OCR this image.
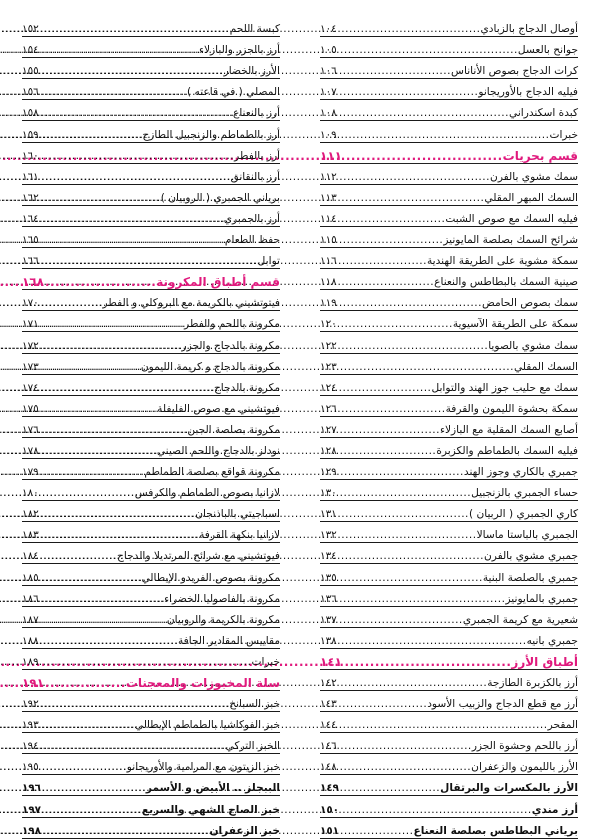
أوصال الدجاج بالزبادي
.....
١٠٤
جوانح بالعسل
.....
١٠٥
كرات الدجاج بصوص الأناناس
.....
١٠٦
فيليه الدجاج بالأوريجانو
.....
١٠٧
كبدة اسكندراني
.....
١٠٨
خبرات
.....
١٠٩
قسم بحريات
.....
١١١
سمك مشوي بالفرن
.....
١١٢
السمك المبهر المقلي
.....
١١٣
فيليه السمك مع صوص الشبت
.....
١١٤
شرائح السمك بصلصة المايونيز
.....
١١٥
سمكة مشوية على الطريقة الهندية
.....
١١٦
صينية السمك بالبطاطس والنعناع
.....
١١٨
سمك بصوص الحامض
.....
١١٩
سمكة على الطريقة الآسيوية
.....
١٢٠
سمك مشوي بالصويا
.....
١٢٢
السمك المقلي
.....
١٢٣
سمك مع حليب جوز الهند والتوابل
.....
١٢٤
سمكة بحشوة الليمون والقرفة
.....
١٢٦
أصابع السمك المقلية مع البازلاء
.....
١٢٧
فيليه السمك بالطماطم والكزبرة
.....
١٢٨
جمبري بالكاري وجوز الهند
.....
١٢٩
حساء الجمبري بالزنجبيل
.....
١٣٠
كاري الجمبري ( الربيان )
.....
١٣١
الجمبري بالباستا ماسالا
.....
١٣٢
جمبري مشوي بالفرن
.....
١٣٤
جمبري بالصلصة البنية
.....
١٣٥
جمبري بالمايونيز
.....
١٣٦
شعيرية مع كريمة الجمبري
.....
١٣٧
جمبري بانيه
.....
١٣٨
أطباق الأرز
.....
١٤١
أرز بالكزبرة الطازجة
.....
١٤٢
أرز مع قطع الدجاج والزبيب الأسود
.....
١٤٣
المقحر
.....
١٤٤
أرز باللحم وحشوة الجزر
.....
١٤٦
الأرز بالليمون والزعفران
.....
١٤٨
الأرز بالمكسرات والبرتقال
.....
١٤٩
أرز مندي
.....
١٥٠
برياني البطاطس بصلصة النعناع
.....
١٥١
كبسة اللحم
.....
١٥٢
أرز بالجزر والبازلاء
.....
١٥٤
الأرز بالخضار
.....
١٥٥
المصلي ( في قاعته )
.....
١٥٦
أرز بالنعناع
.....
١٥٨
أرز بالطماطم والزنجبيل الطازج
.....
١٥٩
أرز بالفطر
.....
١٦٠
أرز بالنقانق
.....
١٦١
برياني الجمبري ( الروبيان )
.....
١٦٢
أرز بالجمبري
.....
١٦٤
حفظ الطعام
.....
١٦٥
توابل
.....
١٦٦
قسم أطباق المكرونة
.....
١٦٨
فيتوتشيني بالكريمة مع البروكلي و الفطر
.....
١٧٠
مكرونة باللحم والفطر
.....
١٧١
مكرونة بالدجاج والجزر
.....
١٧٢
مكرونة بالدجاج و كريمة الليمون
.....
١٧٣
مكرونة بالدجاج
.....
١٧٤
فيوتشيني مع صوص الفليفلة
.....
١٧٥
مكرونة بصلصة الجبن
.....
١٧٦
نودلز بالدجاج واللحم الصيني
.....
١٧٨
مكرونة قواقع بصلصة الطماطم
.....
١٧٩
لازانيا بصوص الطماطم والكرفس
.....
١٨٠
اسباجيتي بالباذنجان
.....
١٨٢
لازانيا بنكهة القرفة
.....
١٨٣
فيوتشيني مع شرائح المرتديلا والدجاج
.....
١٨٤
مكرونة بصوص الفريدو الإيطالي
.....
١٨٥
مكرونة بالفاصوليا الخضراء
.....
١٨٦
مكرونة بالكريمة والروبيان
.....
١٨٧
مقاييس المقادير الجافة
.....
١٨٨
خبرات
.....
١٨٩
سلة المخبوزات والمعجنات
.....
١٩١
خبز السبانخ
.....
١٩٢
خبز الفوكاشيا بالطماطم الإيطالي
.....
١٩٣
الخبز التركي
.....
١٩٤
خبز الزيتون مع المرامية والأوريجانو
.....
١٩٥
الببجلز .. الأبيض و الأسمر
.....
١٩٦
خبز الصاج الشهي والسريع
.....
١٩٧
خبز الزعفران
.....
١٩٨
